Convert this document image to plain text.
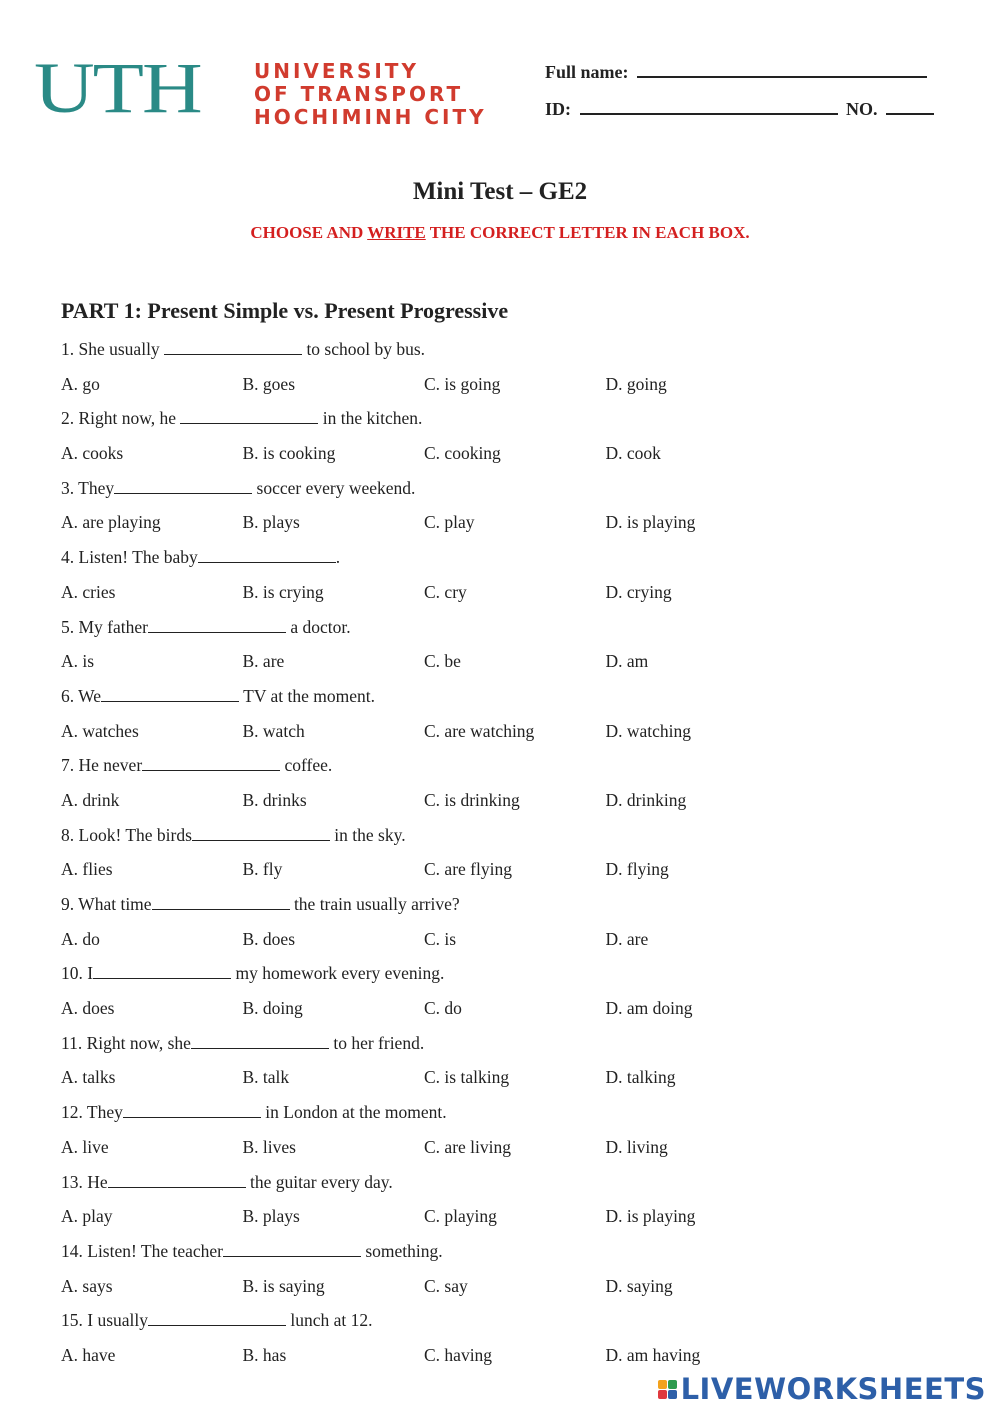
UTH	UNIVERSITY
OF TRANSPORT
HOCHIMINH CITY
Full name:
ID:	NO.
Mini Test – GE2
CHOOSE AND WRITE THE CORRECT LETTER IN EACH BOX.
PART 1: Present Simple vs. Present Progressive
1. She usually	to school by bus.
A. go	B. goes	C. is going	D. going
2. Right now, he	in the kitchen.
A. cooks	B. is cooking	C. cooking	D. cook
3. They	soccer every weekend.
A. are playing	B. plays	C. play	D. is playing
4. Listen! The baby	.
A. cries	B. is crying	C. cry	D. crying
5. My father	a doctor.
A. is	B. are	C. be	D. am
6. We	TV at the moment.
A. watches	B. watch	C. are watching	D. watching
7. He never	coffee.
A. drink	B. drinks	C. is drinking	D. drinking
8. Look! The birds	in the sky.
A. flies	B. fly	C. are flying	D. flying
9. What time	the train usually arrive?
A. do	B. does	C. is	D. are
10. I	my homework every evening.
A. does	B. doing	C. do	D. am doing
11. Right now, she	to her friend.
A. talks	B. talk	C. is talking	D. talking
12. They	in London at the moment.
A. live	B. lives	C. are living	D. living
13. He	the guitar every day.
A. play	B. plays	C. playing	D. is playing
14. Listen! The teacher	something.
A. says	B. is saying	C. say	D. saying
15. I usually	lunch at 12.
A. have	B. has	C. having	D. am having
LIVEWORKSHEETS
